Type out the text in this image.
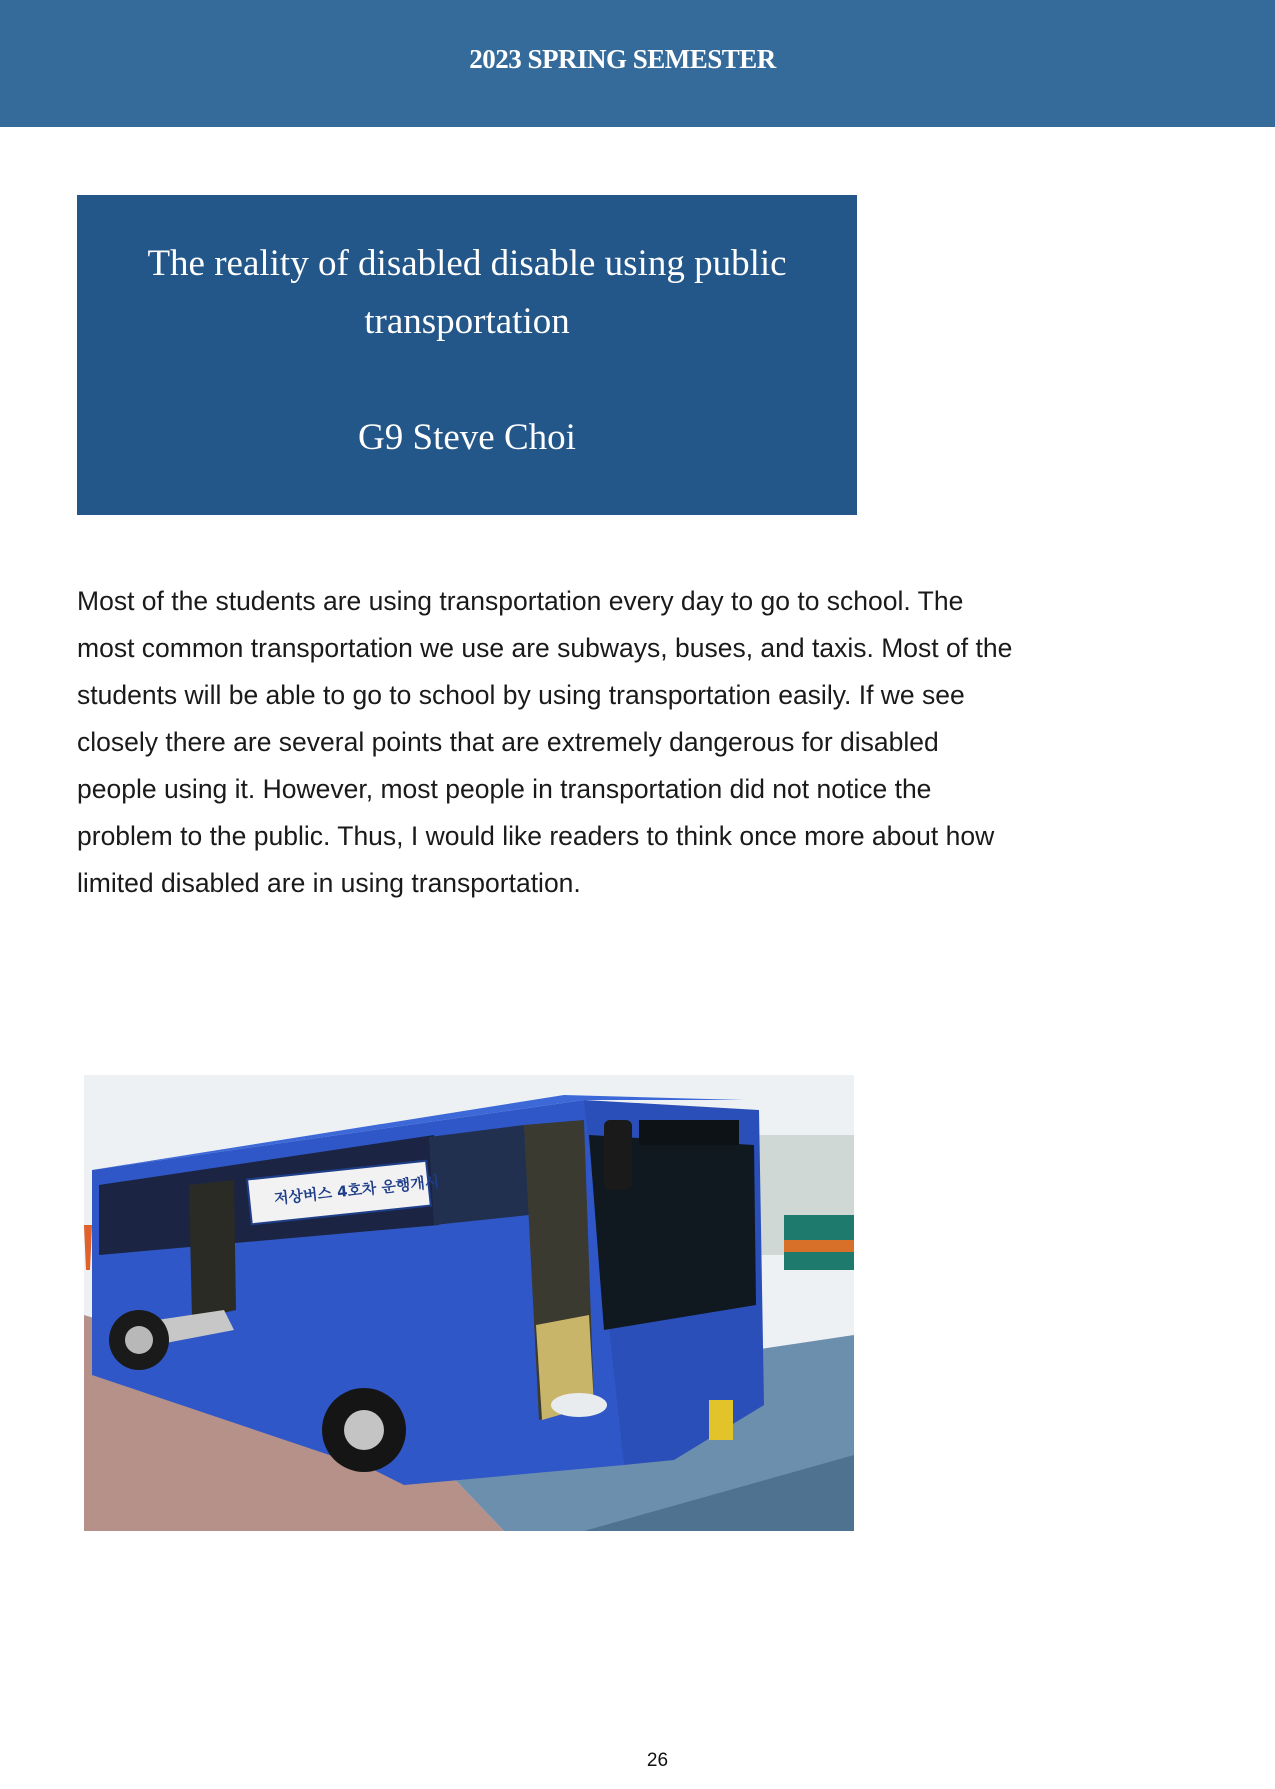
2023 SPRING SEMESTER
The reality of disabled disable using public
transportation
G9 Steve Choi

Most of the students are using transportation every day to go to school. The
most common transportation we use are subways, buses, and taxis. Most of the
students will be able to go to school by using transportation easily. If we see
closely there are several points that are extremely dangerous for disabled
people using it. However, most people in transportation did not notice the
problem to the public. Thus, I would like readers to think once more about how
limited disabled are in using transportation.

저상버스 4호차 운행개시
26
